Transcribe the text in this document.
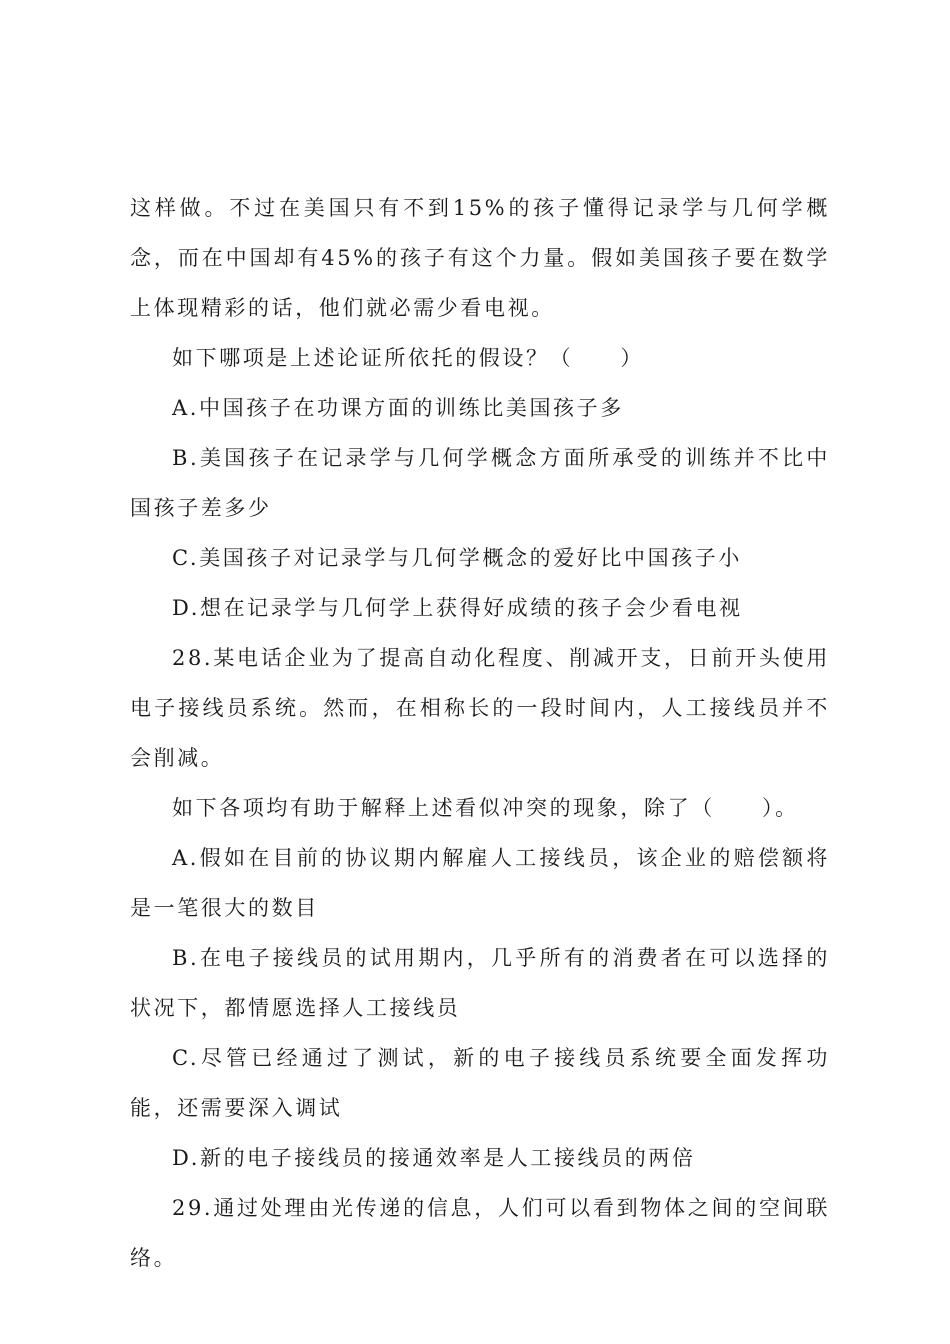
这样做。不过在美国只有不到15%的孩子懂得记录学与几何学概念，而在中国却有45%的孩子有这个力量。假如美国孩子要在数学上体现精彩的话，他们就必需少看电视。

如下哪项是上述论证所依托的假设？（　　）

A.中国孩子在功课方面的训练比美国孩子多

B.美国孩子在记录学与几何学概念方面所承受的训练并不比中国孩子差多少

C.美国孩子对记录学与几何学概念的爱好比中国孩子小

D.想在记录学与几何学上获得好成绩的孩子会少看电视

28.某电话企业为了提高自动化程度、削减开支，日前开头使用电子接线员系统。然而，在相称长的一段时间内，人工接线员并不会削减。

如下各项均有助于解释上述看似冲突的现象，除了（　　）。

A.假如在目前的协议期内解雇人工接线员，该企业的赔偿额将是一笔很大的数目

B.在电子接线员的试用期内，几乎所有的消费者在可以选择的状况下，都情愿选择人工接线员

C.尽管已经通过了测试，新的电子接线员系统要全面发挥功能，还需要深入调试

D.新的电子接线员的接通效率是人工接线员的两倍

29.通过处理由光传递的信息，人们可以看到物体之间的空间联络。
